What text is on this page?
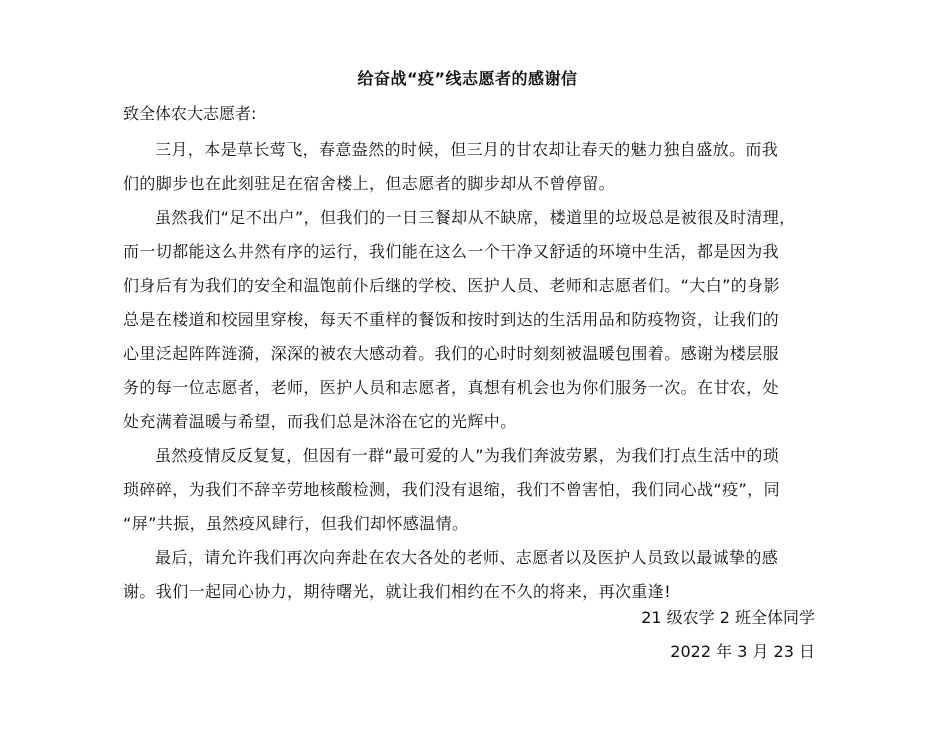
给奋战“疫”线志愿者的感谢信
致全体农大志愿者:

三月，本是草长莺飞，春意盎然的时候，但三月的甘农却让春天的魅力独自盛放。而我
们的脚步也在此刻驻足在宿舍楼上，但志愿者的脚步却从不曾停留。

虽然我们“足不出户”，但我们的一日三餐却从不缺席，楼道里的垃圾总是被很及时清理，
而一切都能这么井然有序的运行，我们能在这么一个干净又舒适的环境中生活，都是因为我
们身后有为我们的安全和温饱前仆后继的学校、医护人员、老师和志愿者们。“大白”的身影
总是在楼道和校园里穿梭，每天不重样的餐饭和按时到达的生活用品和防疫物资，让我们的
心里泛起阵阵涟漪，深深的被农大感动着。我们的心时时刻刻被温暖包围着。感谢为楼层服
务的每一位志愿者，老师，医护人员和志愿者，真想有机会也为你们服务一次。在甘农，处
处充满着温暖与希望，而我们总是沐浴在它的光辉中。

虽然疫情反反复复，但因有一群“最可爱的人”为我们奔波劳累，为我们打点生活中的琐
琐碎碎，为我们不辞辛劳地核酸检测，我们没有退缩，我们不曾害怕，我们同心战“疫”，同
“屏”共振，虽然疫风肆行，但我们却怀感温情。

最后，请允许我们再次向奔赴在农大各处的老师、志愿者以及医护人员致以最诚挚的感
谢。我们一起同心协力，期待曙光，就让我们相约在不久的将来，再次重逢!

21 级农学 2 班全体同学
2022 年 3 月 23 日
